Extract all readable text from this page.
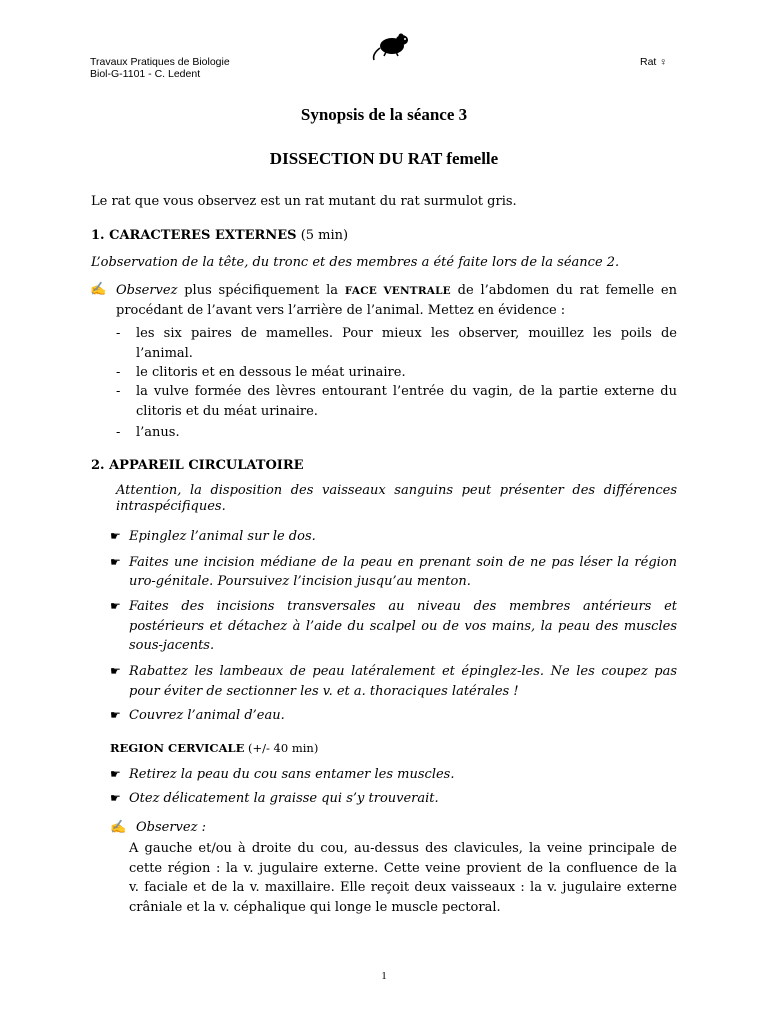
Travaux Pratiques de Biologie
Biol-G-1101 - C. Ledent
Rat ♀
Synopsis de la séance 3
DISSECTION DU RAT femelle
Le rat que vous observez est un rat mutant du rat surmulot gris.
1. CARACTERES EXTERNES (5 min)
L’observation de la tête, du tronc et des membres a été faite lors de la séance 2.
✍ Observez plus spécifiquement la FACE VENTRALE de l’abdomen du rat femelle en
procédant de l’avant vers l’arrière de l’animal. Mettez en évidence :
- les six paires de mamelles. Pour mieux les observer, mouillez les poils de
l’animal.
- le clitoris et en dessous le méat urinaire.
- la vulve formée des lèvres entourant l’entrée du vagin, de la partie externe du
clitoris et du méat urinaire.
- l’anus.
2. APPAREIL CIRCULATOIRE
Attention, la disposition des vaisseaux sanguins peut présenter des différences
intraspécifiques.
☛ Epinglez l’animal sur le dos.
☛ Faites une incision médiane de la peau en prenant soin de ne pas léser la région
uro-génitale. Poursuivez l’incision jusqu’au menton.
☛ Faites des incisions transversales au niveau des membres antérieurs et
postérieurs et détachez à l’aide du scalpel ou de vos mains, la peau des muscles
sous-jacents.
☛ Rabattez les lambeaux de peau latéralement et épinglez-les. Ne les coupez pas
pour éviter de sectionner les v. et a. thoraciques latérales !
☛ Couvrez l’animal d’eau.
REGION CERVICALE (+/- 40 min)
☛ Retirez la peau du cou sans entamer les muscles.
☛ Otez délicatement la graisse qui s’y trouverait.
✍ Observez :
A gauche et/ou à droite du cou, au-dessus des clavicules, la veine principale de
cette région : la v. jugulaire externe. Cette veine provient de la confluence de la
v. faciale et de la v. maxillaire. Elle reçoit deux vaisseaux : la v. jugulaire externe
crâniale et la v. céphalique qui longe le muscle pectoral.
1
